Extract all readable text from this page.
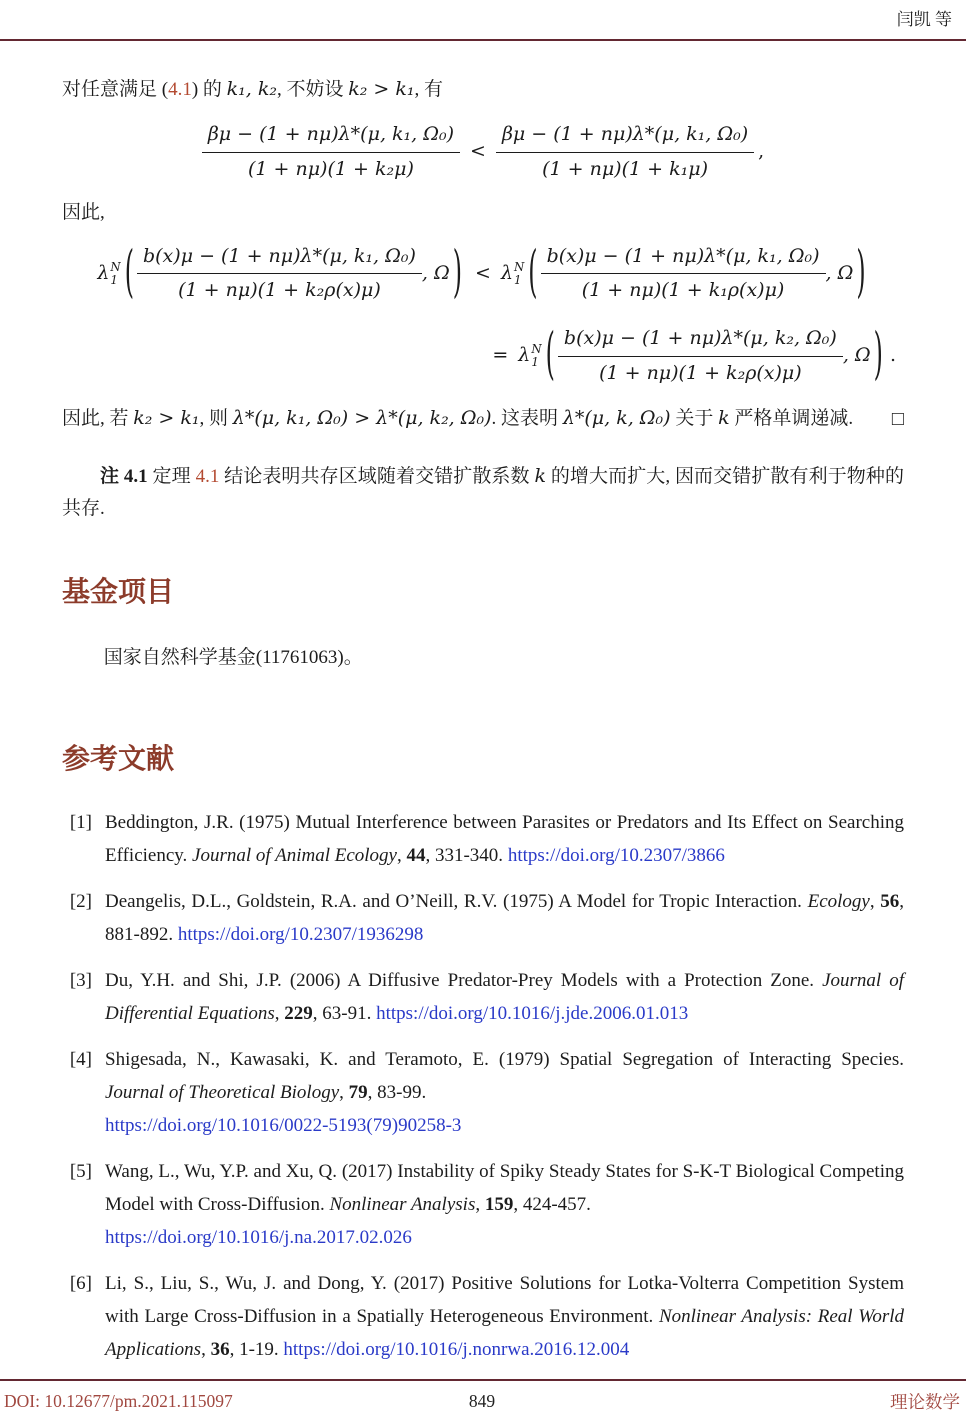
闫凯 等

对任意满足 (4.1) 的 k₁, k₂, 不妨设 k₂ > k₁, 有

$\frac{\text{βμ − (1 + nμ)λ*(μ, k₁, Ω₀)}}{\text{(1 + nμ)(1 + k₂μ)}} < \frac{\text{βμ − (1 + nμ)λ*(μ, k₁, Ω₀)}}{\text{(1 + nμ)(1 + k₁μ)}}$ ,

因此,

λ N
1 ( $\frac{\text{b(x)μ − (1 + nμ)λ*(μ, k₁, Ω₀)}}{\text{(1 + nμ)(1 + k₂ρ(x)μ)}}$ , Ω ) < λ N
1 ( $\frac{\text{b(x)μ − (1 + nμ)λ*(μ, k₁, Ω₀)}}{\text{(1 + nμ)(1 + k₁ρ(x)μ)}}$ , Ω )
= λ N
1 ( $\frac{\text{b(x)μ − (1 + nμ)λ*(μ, k₂, Ω₀)}}{\text{(1 + nμ)(1 + k₂ρ(x)μ)}}$ , Ω ) .

因此, 若 k₂ > k₁, 则 λ*(μ, k₁, Ω₀) > λ*(μ, k₂, Ω₀). 这表明 λ*(μ, k, Ω₀) 关于 k 严格单调递减. □

注 4.1 定理 4.1 结论表明共存区域随着交错扩散系数 k 的增大而扩大, 因而交错扩散有利于物种的共存.

基金项目

国家自然科学基金(11761063)。

参考文献
[1] Beddington, J.R. (1975) Mutual Interference between Parasites or Predators and Its Effect on Searching Efficiency. Journal of Animal Ecology, 44, 331-340. https://doi.org/10.2307/3866
[2] Deangelis, D.L., Goldstein, R.A. and O’Neill, R.V. (1975) A Model for Tropic Interaction. Ecology, 56, 881-892. https://doi.org/10.2307/1936298
[3] Du, Y.H. and Shi, J.P. (2006) A Diffusive Predator-Prey Models with a Protection Zone. Journal of Differential Equations, 229, 63-91. https://doi.org/10.1016/j.jde.2006.01.013
[4] Shigesada, N., Kawasaki, K. and Teramoto, E. (1979) Spatial Segregation of Interacting Species. Journal of Theoretical Biology, 79, 83-99.
https://doi.org/10.1016/0022-5193(79)90258-3
[5] Wang, L., Wu, Y.P. and Xu, Q. (2017) Instability of Spiky Steady States for S-K-T Biological Competing Model with Cross-Diffusion. Nonlinear Analysis, 159, 424-457.
https://doi.org/10.1016/j.na.2017.02.026
[6] Li, S., Liu, S., Wu, J. and Dong, Y. (2017) Positive Solutions for Lotka-Volterra Competition System with Large Cross-Diffusion in a Spatially Heterogeneous Environment. Nonlinear Analysis: Real World Applications, 36, 1-19. https://doi.org/10.1016/j.nonrwa.2016.12.004
DOI: 10.12677/pm.2021.115097	849	理论数学
